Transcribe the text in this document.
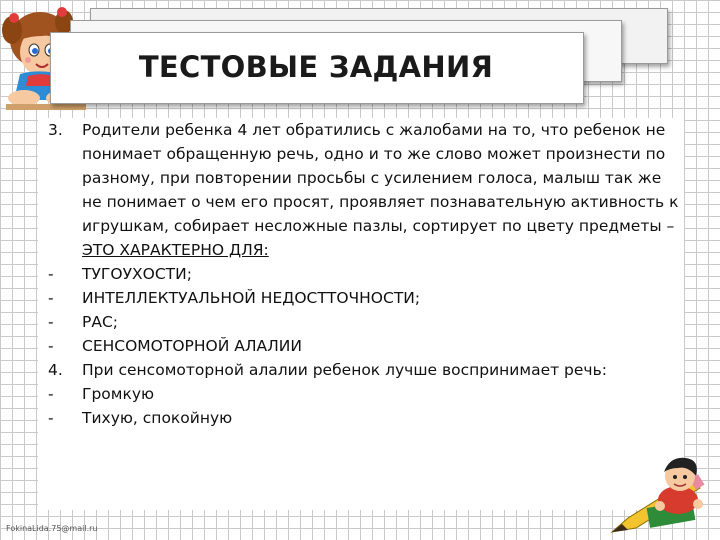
ТЕСТОВЫЕ ЗАДАНИЯ
3.	Родители ребенка 4 лет обратились с жалобами на то, что ребенок не понимает обращенную речь, одно и то же слово может произнести по разному, при повторении просьбы с усилением голоса, малыш так же не понимает о чем его просят, проявляет познавательную активность к игрушкам, собирает несложные пазлы, сортирует по цвету предметы – ЭТО ХАРАКТЕРНО ДЛЯ:
-	ТУГОУХОСТИ;
-	ИНТЕЛЛЕКТУАЛЬНОЙ НЕДОСТТОЧНОСТИ;
-	РАС;
-	СЕНСОМОТОРНОЙ АЛАЛИИ
4.	При сенсомоторной алалии ребенок лучше воспринимает речь:
-	Громкую
-	Тихую, спокойную
FokinaLida.75@mail.ru
